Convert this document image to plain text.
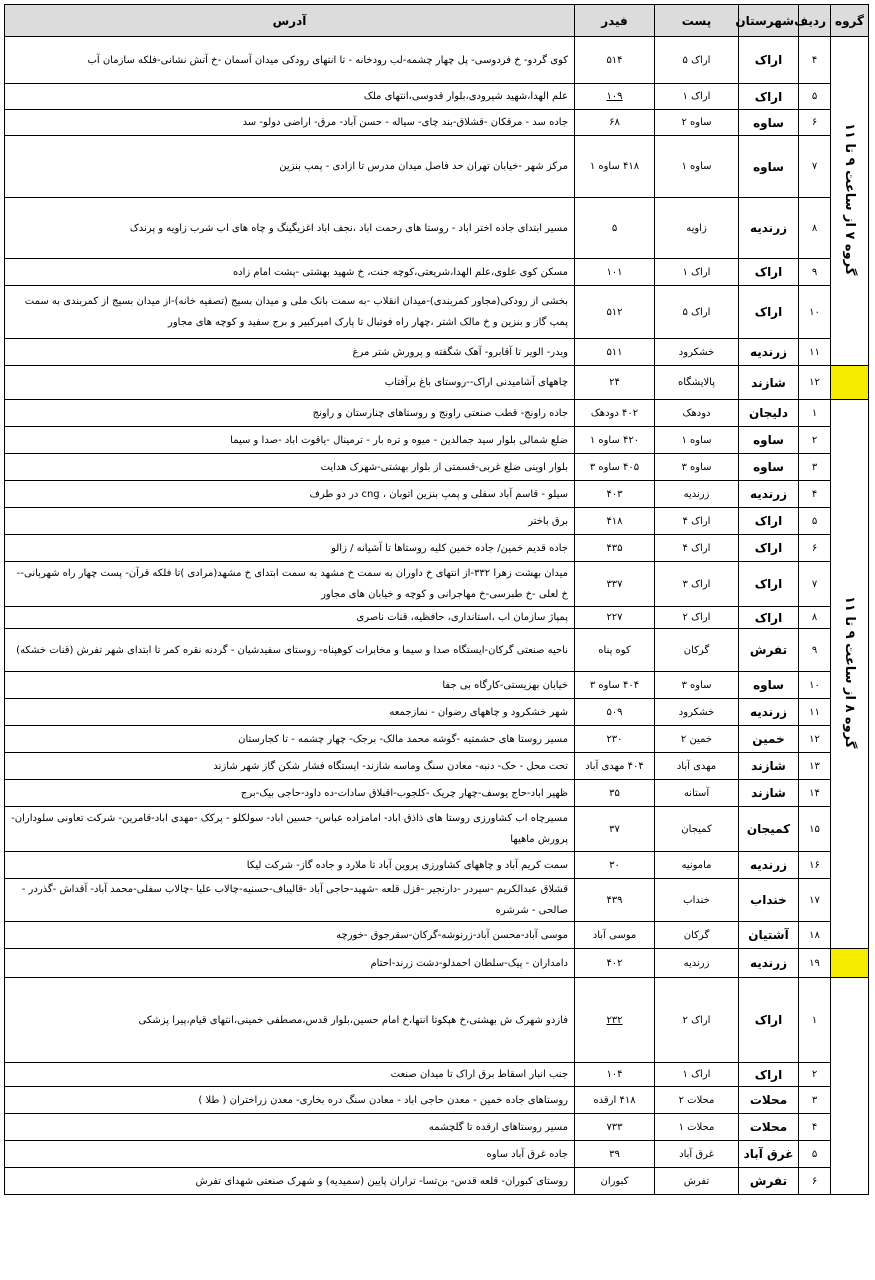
گروه	ردیف	شهرستان	پست	فیدر	آدرس
گروه ۷ از ساعت ۹ تا ۱۱	۴	اراک	اراک ۵	۵۱۴	کوی گردو- خ فردوسی- پل چهار چشمه-لب رودخانه - تا انتهای رودکی میدان آسمان -خ آتش نشانی-فلکه سازمان آب
	۵	اراک	اراک ۱	۱۰۹	علم الهدا،شهید شیرودی،بلوار قدوسی،انتهای ملک
	۶	ساوه	ساوه ۲	۶۸	جاده سد - مرقکان -قشلاق-بند چای- سیاله - حسن آباد- مرق- اراضی دولو- سد
	۷	ساوه	ساوه ۱	۴۱۸ ساوه ۱	مرکز شهر -خیابان تهران حد فاصل میدان مدرس تا ازادی - پمپ بنزین
	۸	زرندیه	زاویه	۵	مسیر ابتدای جاده اختر اباد - روستا های رحمت اباد ،نجف اباد اغزیگینگ و چاه های اب شرب زاویه و پرندک
	۹	اراک	اراک ۱	۱۰۱	مسکن کوی علوی،علم الهدا،شریعتی،کوچه جنت، خ شهید بهشتی -پشت امام زاده
	۱۰	اراک	اراک ۵	۵۱۲	بخشی از رودکی(مجاور کمربندی)-میدان انقلاب -به سمت بانک ملی و میدان بسیج (تصفیه خانه)-از میدان بسیج از کمربندی به سمت پمپ گاز و بنزین و خ مالک اشتر ،چهار راه فوتبال تا پارک امیرکبیر و برج سفید و کوچه های مجاور
	۱۱	زرندیه	خشکرود	۵۱۱	ویدر- الوير تا آقابرو- آهک شگفته و پرورش شتر مرغ
	۱۲	شازند	پالایشگاه	۲۴	چاههای آشامیدنی اراک--روستای باغ برآفتاب
گروه ۸ از ساعت ۹ تا ۱۱	۱	دلیجان	دودهک	۴۰۲ دودهک	جاده راونج- قطب صنعتی راونج و روستاهای چنارستان و راونج
	۲	ساوه	ساوه ۱	۴۲۰ ساوه ۱	ضلع شمالی بلوار سید جمالدین - میوه و تره بار - ترمینال -یاقوت اباد -صدا و سیما
	۳	ساوه	ساوه ۳	۴۰۵ ساوه ۳	بلوار اوینی ضلع غربی-قسمتی از بلوار بهشتی-شهرک هدایت
	۴	زرندیه	زرندیه	۴۰۳	سیلو - قاسم آباد سفلی و پمپ بنزین اتوبان ، cng در دو طرف
	۵	اراک	اراک ۴	۴۱۸	برق باختر
	۶	اراک	اراک ۴	۴۳۵	جاده قدیم خمین/ جاده خمین کلیه روستاها تا آشیانه / زالو
	۷	اراک	اراک ۳	۳۳۷	میدان بهشت زهرا ۳۳۲-از انتهای خ داوران به سمت خ مشهد به سمت ابتدای خ مشهد(مرادی )تا فلکه قرآن- پست چهار راه شهربانی-- خ لعلی -خ طبرسی-خ مهاجرانی و کوچه و خیابان های مجاور
	۸	اراک	اراک ۲	۲۲۷	پمپاژ سازمان اب ،استانداری، حافظیه، قنات ناصری
	۹	تفرش	گرکان	کوه پناه	ناحیه صنعتی گرکان-ایستگاه صدا و سیما و مخابرات کوهپناه- روستای سفیدشیان - گردنه نقره کمر تا ابتدای شهر تفرش (قنات خشکه)
	۱۰	ساوه	ساوه ۳	۴۰۴ ساوه ۳	خیابان بهزیستی-کارگاه بی جفا
	۱۱	زرندیه	خشکرود	۵۰۹	شهر خشکرود و چاههای رضوان - نمازجمعه
	۱۲	خمین	خمین ۲	۲۳۰	مسیر روستا های حشمتیه -گوشه محمد مالک- برجک- چهار چشمه - تا کجارستان
	۱۳	شازند	مهدی آباد	۴۰۴ مهدی آباد	تحت محل - حک- دنبه- معادن سنگ وماسه شازند- ایستگاه فشار شکن گاز شهر شازند
	۱۴	شازند	آستانه	۳۵	ظهیر اباد-حاج یوسف-چهار چریک -کلجوب-اقبلاق سادات-ده داود-حاجی بیک-برج
	۱۵	کمیجان	کمیجان	۳۷	مسیرچاه اب کشاورزی روستا های ذاذق اباد- امامزاده عباس- حسین اباد- سولکلو - پرکک -مهدی اباد-قامرین- شرکت تعاونی سلوداران-پرورش ماهیها
	۱۶	زرندیه	مامونیه	۳۰	سمت کریم آباد و چاههای کشاورزی پروین آباد تا ملارد و جاده گاز- شرکت لیکا
	۱۷	خنداب	خنداب	۴۳۹	قشلاق عبدالکریم -سیردر -دارنجیر -قزل قلعه -شهید-حاجی آباد -قالیباف-حسنیه-چالاب علیا -چالاب سفلی-محمد آباد- آقداش -گذردر - صالحی - شرشره
	۱۸	آشتیان	گرکان	موسی آباد	موسی آباد-محسن آباد-زرنوشه-گرکان-سقرجوق -خورچه
	۱۹	زرندیه	زرندیه	۴۰۲	دامداران - پیک-سلطان احمدلو-دشت زرند-احتام
	۱	اراک	اراک ۲	۲۳۲	فازدو شهرک ش بهشتی،خ هپکوتا انتها،خ امام حسین،بلوار قدس،مصطفی خمینی،انتهای قیام،پیرا پزشکی
	۲	اراک	اراک ۱	۱۰۴	جنب انبار اسقاط برق اراک تا میدان صنعت
	۳	محلات	محلات ۲	۴۱۸ ارقده	روستاهای جاده خمین - معدن حاجی اباد - معادن سنگ دره بخاری- معدن زراختران ( طلا )
	۴	محلات	محلات ۱	۷۳۳	مسیر روستاهای ارقده تا گلچشمه
	۵	غرق آباد	غرق آباد	۳۹	جاده غرق آباد ساوه
	۶	تفرش	تفرش	کبوران	روستای کبوران- قلعه قدس- بن‌تسا- تراران پایین (سمیدیه) و شهرک صنعتی شهدای تفرش
